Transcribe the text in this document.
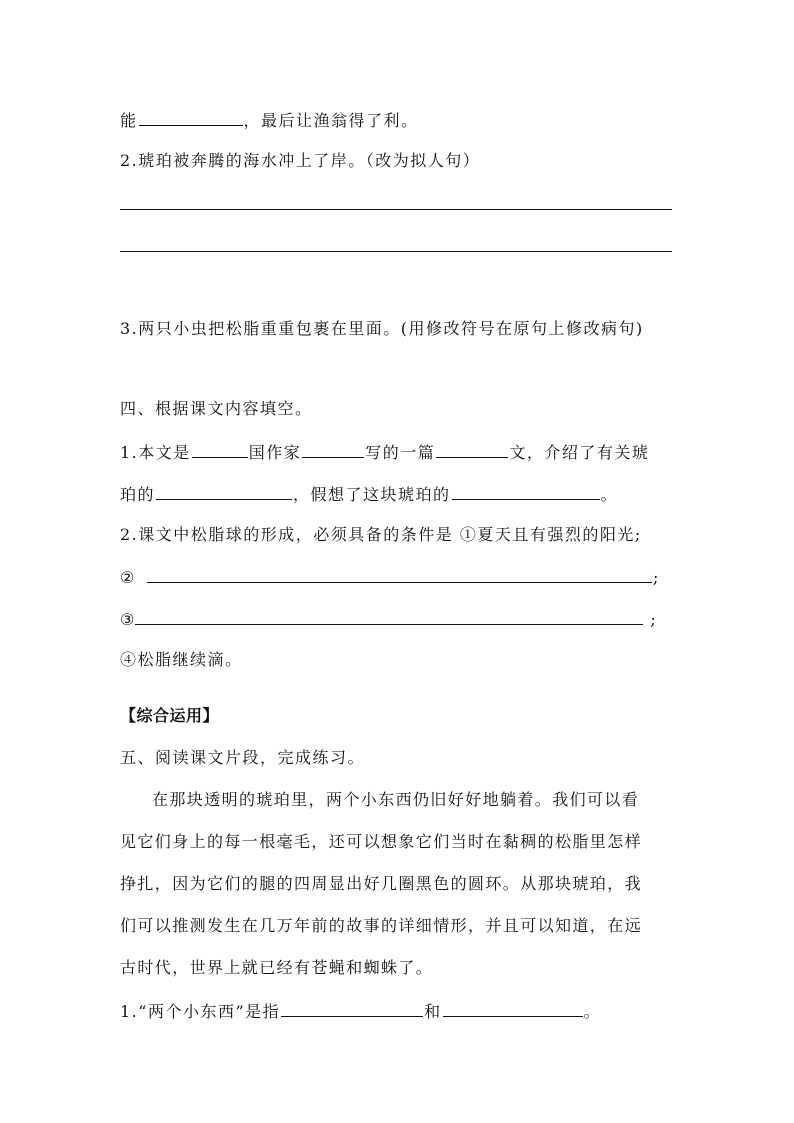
能	，最后让渔翁得了利。
2.琥珀被奔腾的海水冲上了岸。（改为拟人句）
3.两只小虫把松脂重重包裹在里面。(用修改符号在原句上修改病句)
四、根据课文内容填空。
1.本文是	国作家	写的一篇	文，介绍了有关琥
珀的	，假想了这块琥珀的	。
2.课文中松脂球的形成，必须具备的条件是 ①夏天且有强烈的阳光;
②	;
③	;
④松脂继续滴。
【综合运用】
五、阅读课文片段，完成练习。
在那块透明的琥珀里，两个小东西仍旧好好地躺着。我们可以看
见它们身上的每一根毫毛，还可以想象它们当时在黏稠的松脂里怎样
挣扎，因为它们的腿的四周显出好几圈黑色的圆环。从那块琥珀，我
们可以推测发生在几万年前的故事的详细情形，并且可以知道，在远
古时代，世界上就已经有苍蝇和蜘蛛了。
1.“两个小东西”是指	和	。
